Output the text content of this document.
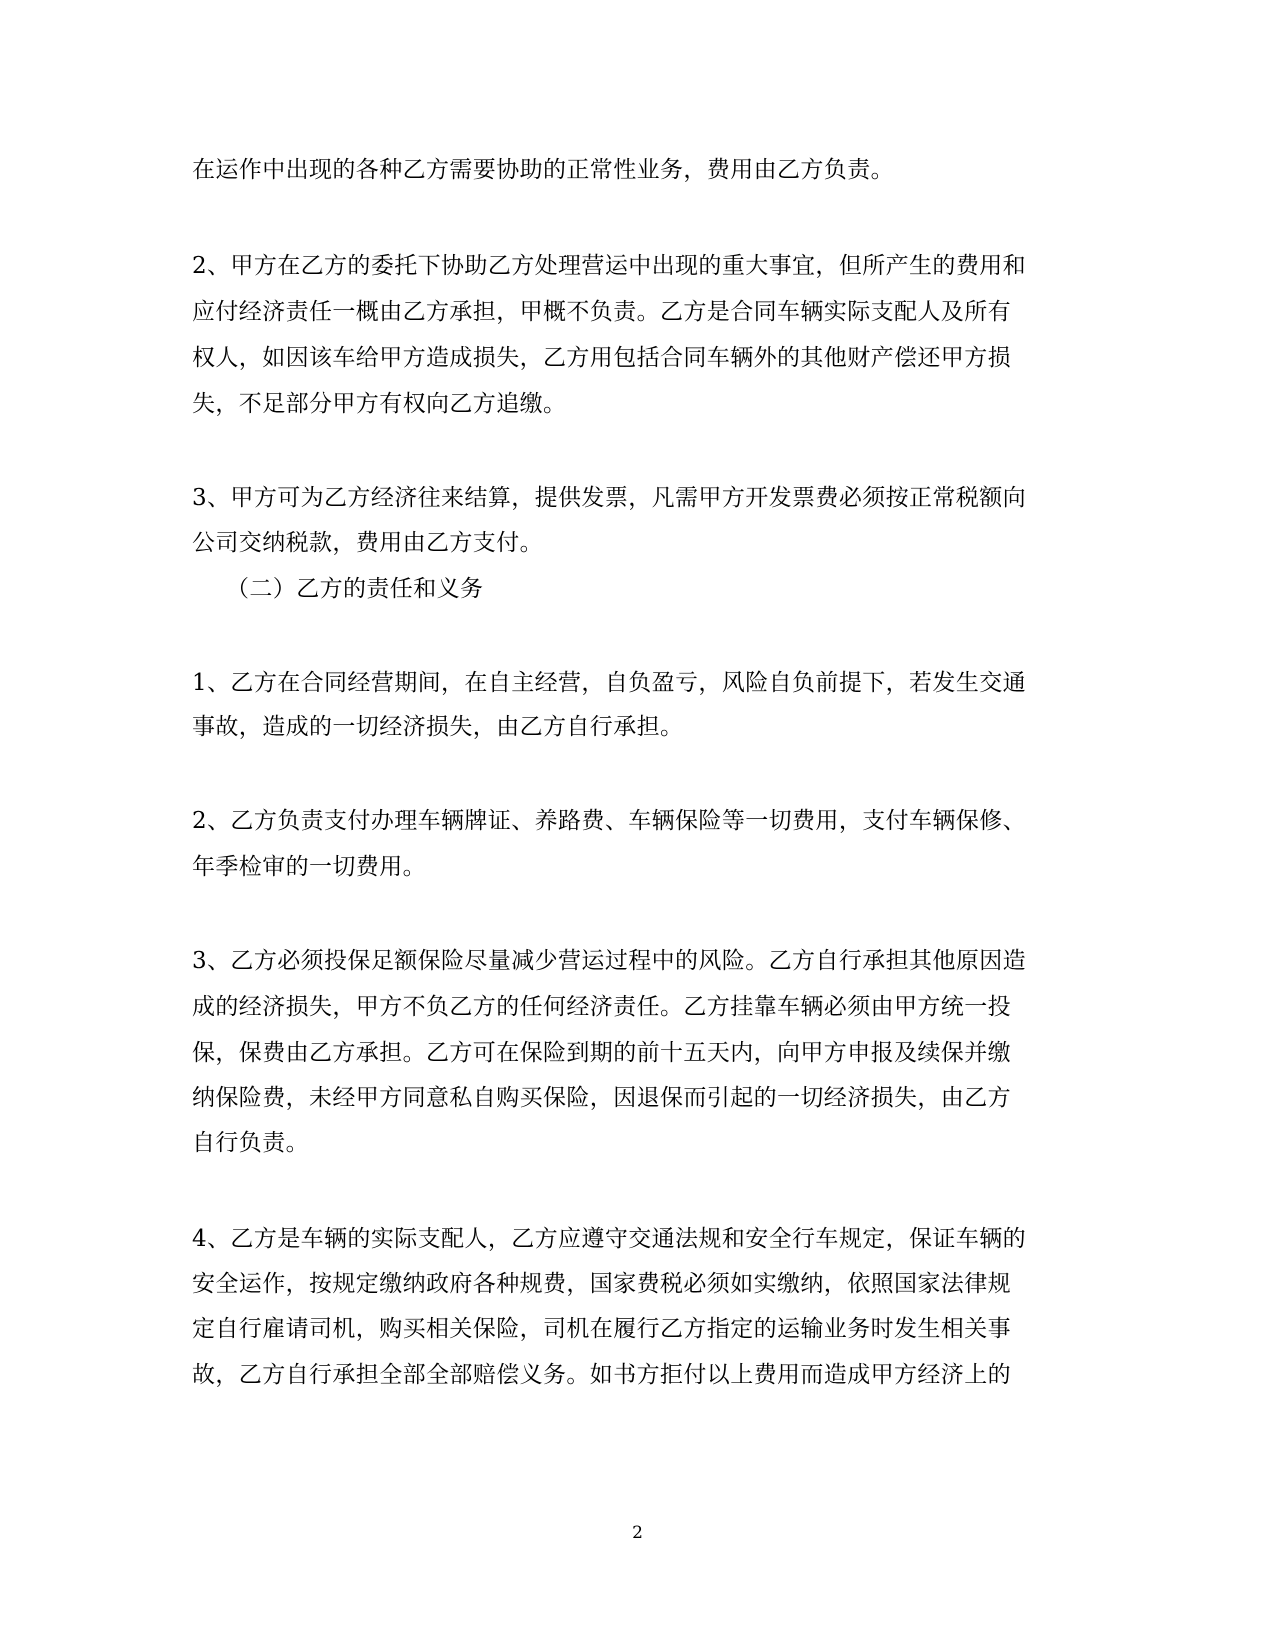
在运作中出现的各种乙方需要协助的正常性业务，费用由乙方负责。
2、甲方在乙方的委托下协助乙方处理营运中出现的重大事宜，但所产生的费用和
应付经济责任一概由乙方承担，甲概不负责。乙方是合同车辆实际支配人及所有
权人，如因该车给甲方造成损失，乙方用包括合同车辆外的其他财产偿还甲方损
失，不足部分甲方有权向乙方追缴。
3、甲方可为乙方经济往来结算，提供发票，凡需甲方开发票费必须按正常税额向
公司交纳税款，费用由乙方支付。
（二）乙方的责任和义务
1、乙方在合同经营期间，在自主经营，自负盈亏，风险自负前提下，若发生交通
事故，造成的一切经济损失，由乙方自行承担。
2、乙方负责支付办理车辆牌证、养路费、车辆保险等一切费用，支付车辆保修、
年季检审的一切费用。
3、乙方必须投保足额保险尽量减少营运过程中的风险。乙方自行承担其他原因造
成的经济损失，甲方不负乙方的任何经济责任。乙方挂靠车辆必须由甲方统一投
保，保费由乙方承担。乙方可在保险到期的前十五天内，向甲方申报及续保并缴
纳保险费，未经甲方同意私自购买保险，因退保而引起的一切经济损失，由乙方
自行负责。
4、乙方是车辆的实际支配人，乙方应遵守交通法规和安全行车规定，保证车辆的
安全运作，按规定缴纳政府各种规费，国家费税必须如实缴纳，依照国家法律规
定自行雇请司机，购买相关保险，司机在履行乙方指定的运输业务时发生相关事
故，乙方自行承担全部全部赔偿义务。如书方拒付以上费用而造成甲方经济上的
2
